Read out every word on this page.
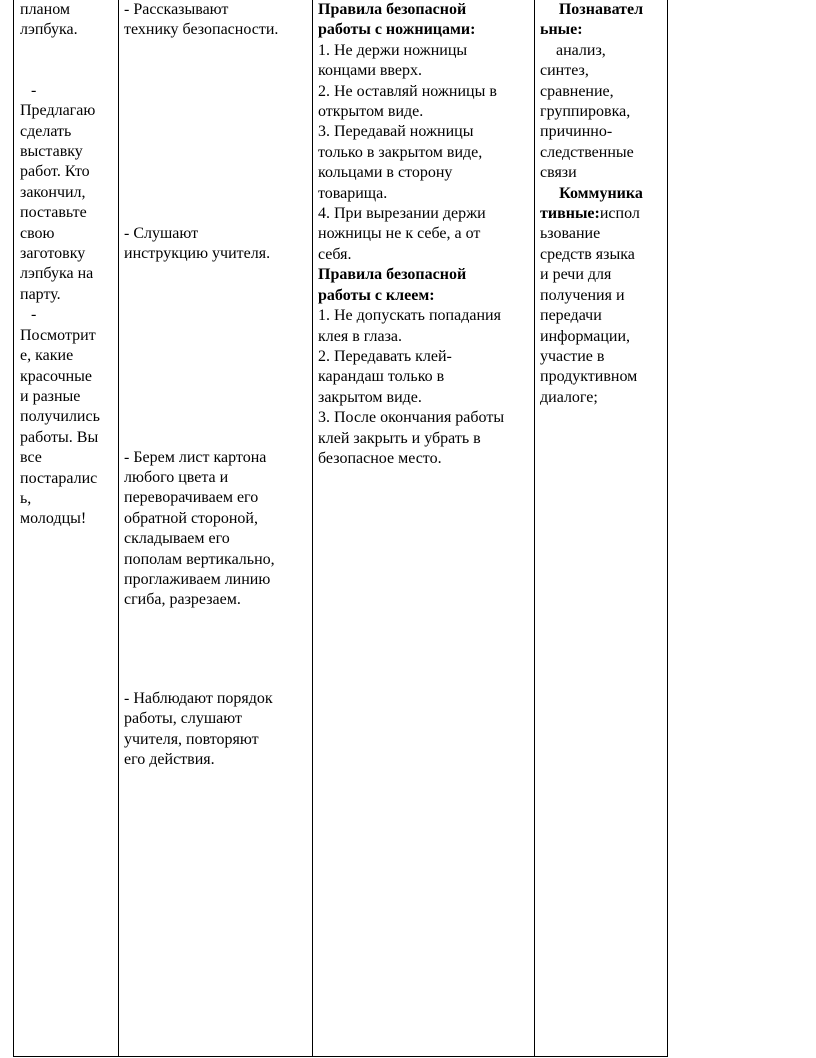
планом
лэпбука.
-
Предлагаю
сделать
выставку
работ. Кто
закончил,
поставьте
свою
заготовку
лэпбука на
парту.
-
Посмотрит
е, какие
красочные
и разные
получились
работы. Вы
все
постаралис
ь,
молодцы!
- Рассказывают
технику безопасности.
- Слушают
инструкцию учителя.
- Берем лист картона
любого цвета и
переворачиваем его
обратной стороной,
складываем его
пополам вертикально,
проглаживаем линию
сгиба, разрезаем.
- Наблюдают порядок
работы, слушают
учителя, повторяют
его действия.
Правила безопасной
работы с ножницами:
1. Не держи ножницы
концами вверх.
2. Не оставляй ножницы в
открытом виде.
3. Передавай ножницы
только в закрытом виде,
кольцами в сторону
товарища.
4. При вырезании держи
ножницы не к себе, а от
себя.
Правила безопасной
работы с клеем:
1. Не допускать попадания
клея в глаза.
2. Передавать клей-
карандаш только в
закрытом виде.
3. После окончания работы
клей закрыть и убрать в
безопасное место.
Познавател
ьные:
анализ,
синтез,
сравнение,
группировка,
причинно-
следственные
связи
Коммуника
тивные:испол
ьзование
средств языка
и речи для
получения и
передачи
информации,
участие в
продуктивном
диалоге;
